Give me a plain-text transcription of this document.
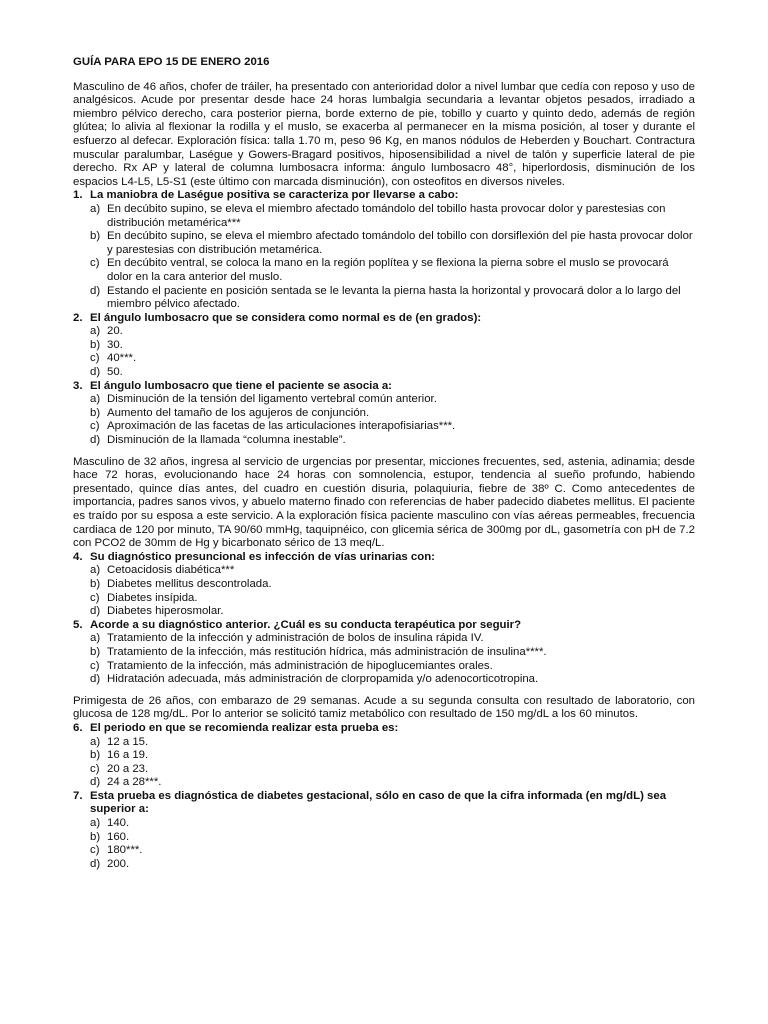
GUÍA PARA EPO 15 DE ENERO 2016

Masculino de 46 años, chofer de tráiler, ha presentado con anterioridad dolor a nivel lumbar que cedía con reposo y uso de analgésicos. Acude por presentar desde hace 24 horas lumbalgia secundaria a levantar objetos pesados, irradiado a miembro pélvico derecho, cara posterior pierna, borde externo de pie, tobillo y cuarto y quinto dedo, además de región glútea; lo alivia al flexionar la rodilla y el muslo, se exacerba al permanecer en la misma posición, al toser y durante el esfuerzo al defecar. Exploración física: talla 1.70 m, peso 96 Kg, en manos nódulos de Heberden y Bouchart. Contractura muscular paralumbar, Laségue y Gowers-Bragard positivos, hiposensibilidad a nivel de talón y superficie lateral de pie derecho. Rx AP y lateral de columna lumbosacra informa: ángulo lumbosacro 48°, hiperlordosis, disminución de los espacios L4-L5, L5-S1 (este último con marcada disminución), con osteofitos en diversos niveles.

1. La maniobra de Laségue positiva se caracteriza por llevarse a cabo:
a) En decúbito supino, se eleva el miembro afectado tomándolo del tobillo hasta provocar dolor y parestesias con distribución metamérica***
b) En decúbito supino, se eleva el miembro afectado tomándolo del tobillo con dorsiflexión del pie hasta provocar dolor y parestesias con distribución metamérica.
c) En decúbito ventral, se coloca la mano en la región poplítea y se flexiona la pierna sobre el muslo se provocará dolor en la cara anterior del muslo.
d) Estando el paciente en posición sentada se le levanta la pierna hasta la horizontal y provocará dolor a lo largo del miembro pélvico afectado.
2. El ángulo lumbosacro que se considera como normal es de (en grados):
a) 20.
b) 30.
c) 40***.
d) 50.
3. El ángulo lumbosacro que tiene el paciente se asocia a:
a) Disminución de la tensión del ligamento vertebral común anterior.
b) Aumento del tamaño de los agujeros de conjunción.
c) Aproximación de las facetas de las articulaciones interapofisiarias***.
d) Disminución de la llamada “columna inestable”.

Masculino de 32 años, ingresa al servicio de urgencias por presentar, micciones frecuentes, sed, astenia, adinamia; desde hace 72 horas, evolucionando hace 24 horas con somnolencia, estupor, tendencia al sueño profundo, habiendo presentado, quince días antes, del cuadro en cuestión disuria, polaquiuria, fiebre de 38º C. Como antecedentes de importancia, padres sanos vivos, y abuelo materno finado con referencias de haber padecido diabetes mellitus. El paciente es traído por su esposa a este servicio. A la exploración física paciente masculino con vías aéreas permeables, frecuencia cardiaca de 120 por minuto, TA 90/60 mmHg, taquipnéico, con glicemia sérica de 300mg por dL, gasometría con pH de 7.2 con PCO2 de 30mm de Hg y bicarbonato sérico de 13 meq/L.

4. Su diagnóstico presuncional es infección de vías urinarias con:
a) Cetoacidosis diabética***
b) Diabetes mellitus descontrolada.
c) Diabetes insípida.
d) Diabetes hiperosmolar.
5. Acorde a su diagnóstico anterior. ¿Cuál es su conducta terapéutica por seguir?
a) Tratamiento de la infección y administración de bolos de insulina rápida IV.
b) Tratamiento de la infección, más restitución hídrica, más administración de insulina****.
c) Tratamiento de la infección, más administración de hipoglucemiantes orales.
d) Hidratación adecuada, más administración de clorpropamida y/o adenocorticotropina.

Primigesta de 26 años, con embarazo de 29 semanas. Acude a su segunda consulta con resultado de laboratorio, con glucosa de 128 mg/dL. Por lo anterior se solicitó tamiz metabólico con resultado de 150 mg/dL a los 60 minutos.

6. El periodo en que se recomienda realizar esta prueba es:
a) 12 a 15.
b) 16 a 19.
c) 20 a 23.
d) 24 a 28***.
7. Esta prueba es diagnóstica de diabetes gestacional, sólo en caso de que la cifra informada (en mg/dL) sea superior a:
a) 140.
b) 160.
c) 180***.
d) 200.
